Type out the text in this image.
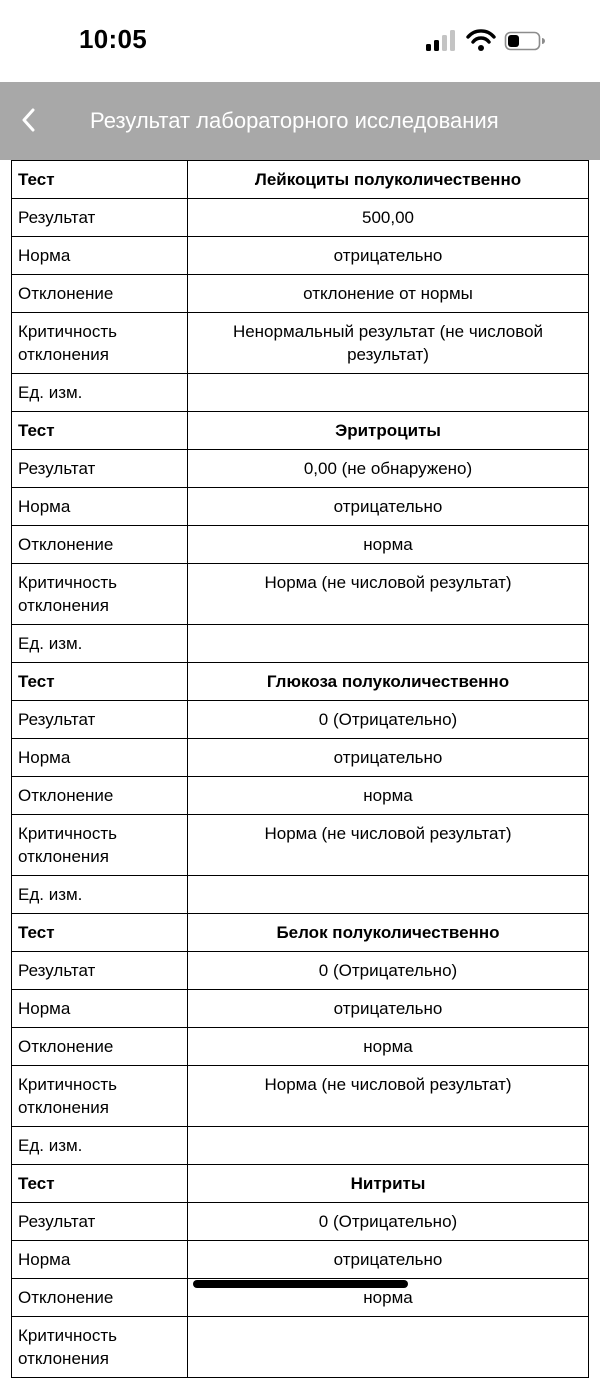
10:05
Результат лабораторного исследования
Тест	Лейкоциты полуколичественно
Результат	500,00
Норма	отрицательно
Отклонение	отклонение от нормы
Критичность отклонения	Ненормальный результат (не числовой результат)
Ед. изм.	
Тест	Эритроциты
Результат	0,00 (не обнаружено)
Норма	отрицательно
Отклонение	норма
Критичность отклонения	Норма (не числовой результат)
Ед. изм.	
Тест	Глюкоза полуколичественно
Результат	0 (Отрицательно)
Норма	отрицательно
Отклонение	норма
Критичность отклонения	Норма (не числовой результат)
Ед. изм.	
Тест	Белок полуколичественно
Результат	0 (Отрицательно)
Норма	отрицательно
Отклонение	норма
Критичность отклонения	Норма (не числовой результат)
Ед. изм.	
Тест	Нитриты
Результат	0 (Отрицательно)
Норма	отрицательно
Отклонение	норма
Критичность отклонения	
